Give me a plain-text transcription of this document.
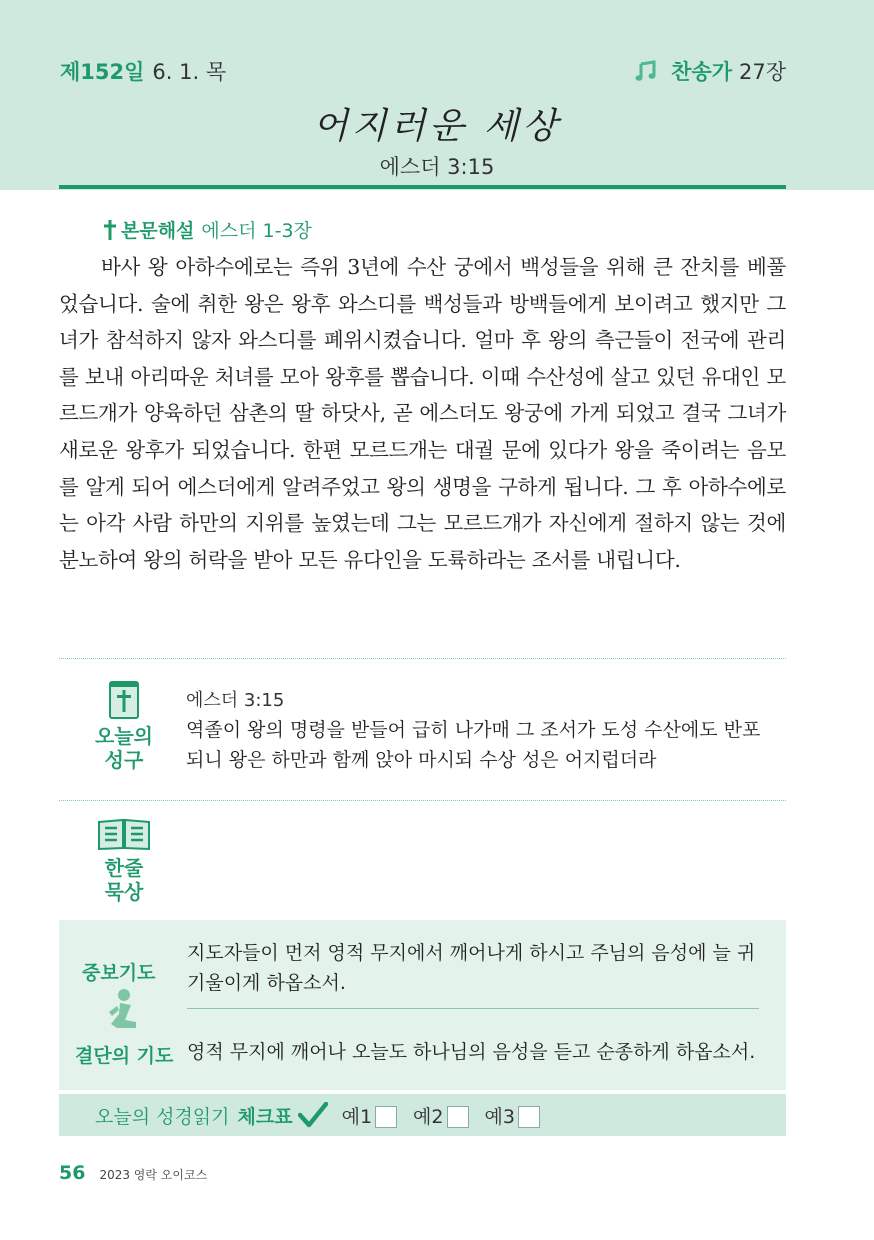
제152일 6. 1. 목	찬송가 27장
어지러운 세상
에스더 3:15
본문해설 에스더 1-3장

바사 왕 아하수에로는 즉위 3년에 수산 궁에서 백성들을 위해 큰 잔치를 베풀었습니다. 술에 취한 왕은 왕후 와스디를 백성들과 방백들에게 보이려고 했지만 그녀가 참석하지 않자 와스디를 폐위시켰습니다. 얼마 후 왕의 측근들이 전국에 관리를 보내 아리따운 처녀를 모아 왕후를 뽑습니다. 이때 수산성에 살고 있던 유대인 모르드개가 양육하던 삼촌의 딸 하닷사, 곧 에스더도 왕궁에 가게 되었고 결국 그녀가 새로운 왕후가 되었습니다. 한편 모르드개는 대궐 문에 있다가 왕을 죽이려는 음모를 알게 되어 에스더에게 알려주었고 왕의 생명을 구하게 됩니다. 그 후 아하수에로는 아각 사람 하만의 지위를 높였는데 그는 모르드개가 자신에게 절하지 않는 것에 분노하여 왕의 허락을 받아 모든 유다인을 도륙하라는 조서를 내립니다.

오늘의
성구
에스더 3:15

역졸이 왕의 명령을 받들어 급히 나가매 그 조서가 도성 수산에도 반포되니 왕은 하만과 함께 앉아 마시되 수상 성은 어지럽더라

한줄
묵상
중보기도

지도자들이 먼저 영적 무지에서 깨어나게 하시고 주님의 음성에 늘 귀 기울이게 하옵소서.

결단의 기도 영적 무지에 깨어나 오늘도 하나님의 음성을 듣고 순종하게 하옵소서.

오늘의 성경읽기 체크표	예1	예2	예3
56 2023 영락 오이코스
